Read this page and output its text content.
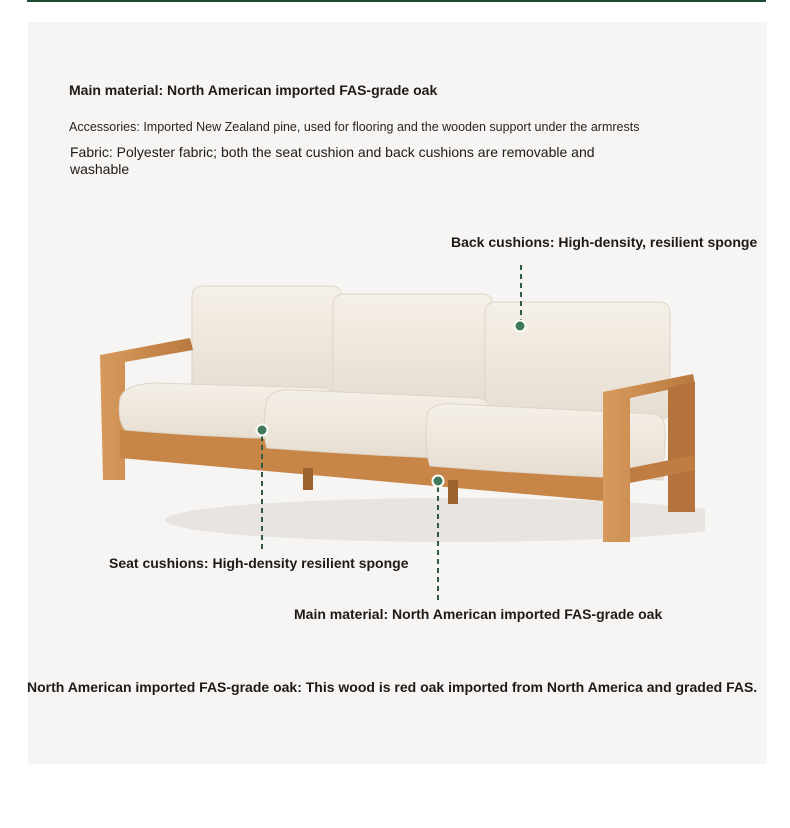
Main material: North American imported FAS-grade oak

Accessories: Imported New Zealand pine, used for flooring and the wooden support under the armrests

Fabric: Polyester fabric; both the seat cushion and back cushions are removable and washable

Back cushions: High-density, resilient sponge

Seat cushions: High-density resilient sponge

Main material: North American imported FAS-grade oak

North American imported FAS-grade oak: This wood is red oak imported from North America and graded FAS.
